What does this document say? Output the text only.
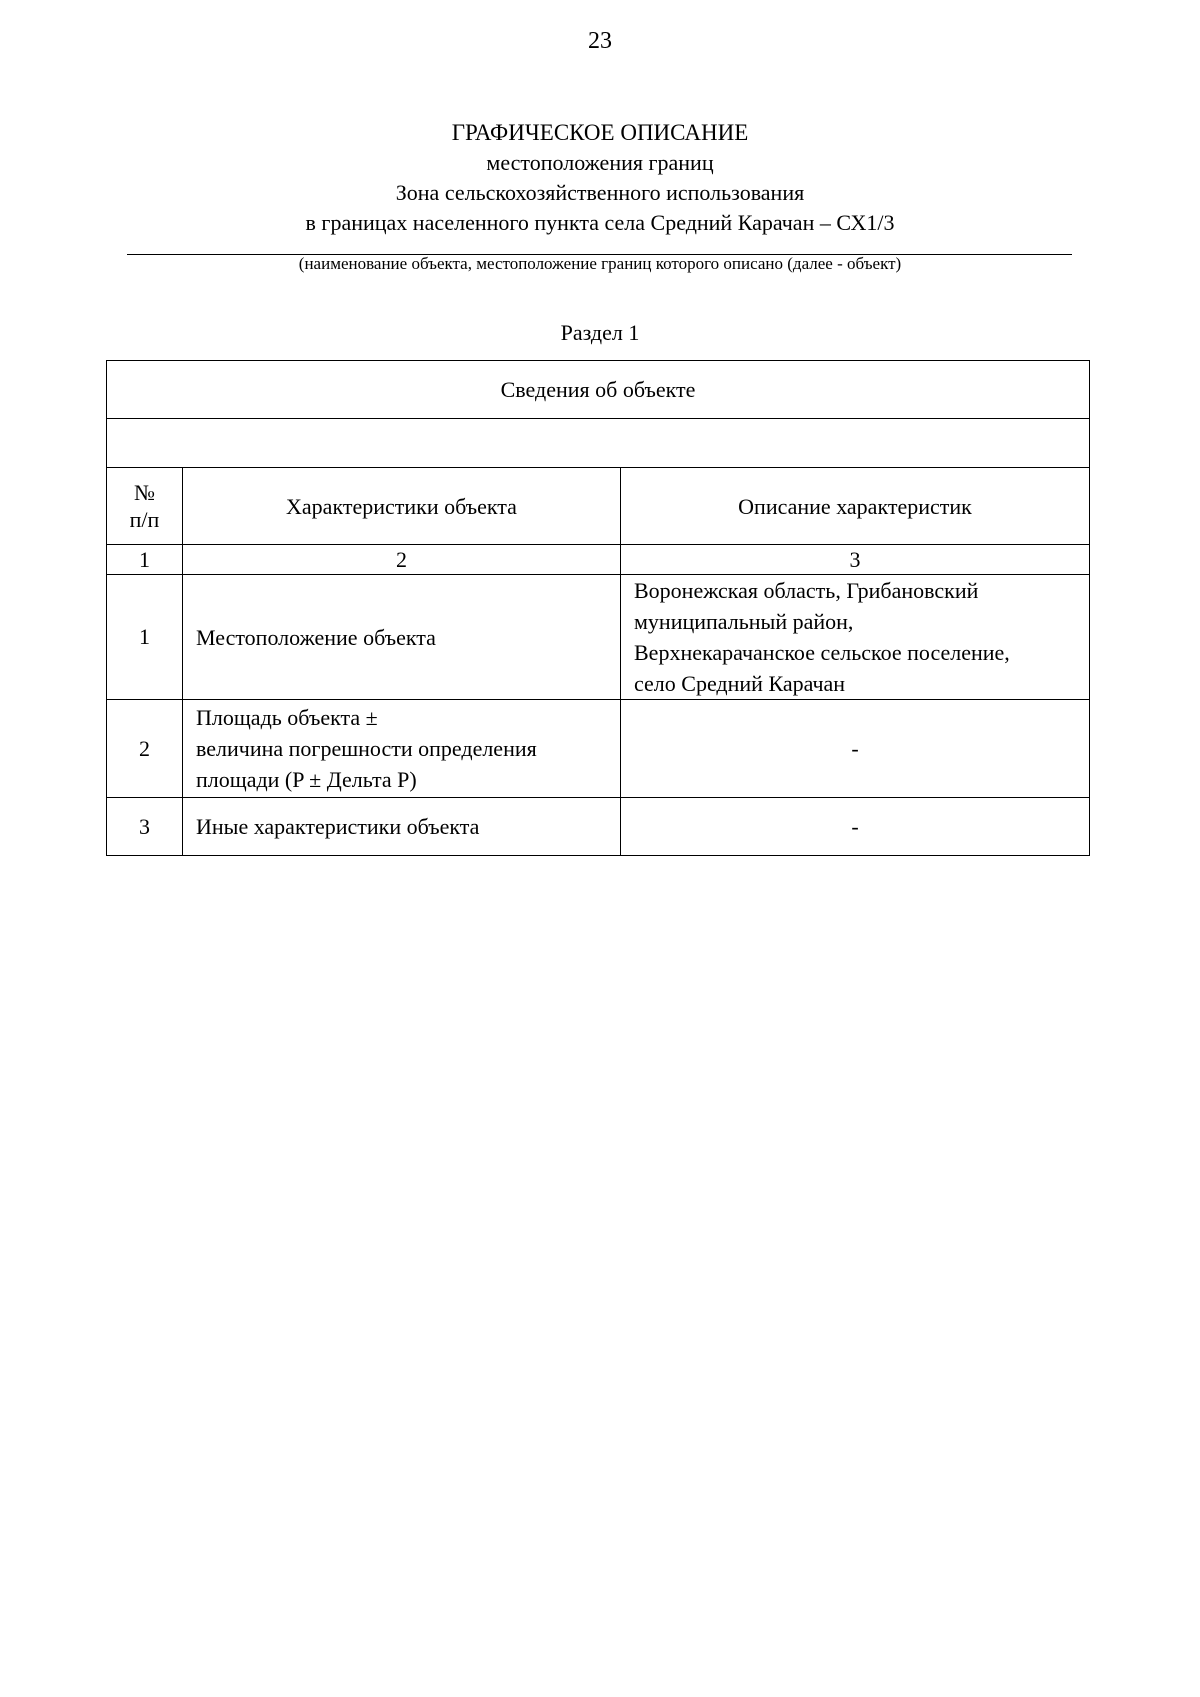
23
ГРАФИЧЕСКОЕ ОПИСАНИЕ
местоположения границ
Зона сельскохозяйственного использования
в границах населенного пункта села Средний Карачан – СХ1/3
(наименование объекта, местоположение границ которого описано (далее - объект)
Раздел 1
Сведения об объекте		

№
п/п	Характеристики объекта	Описание характеристик
1	2	3
1	Местоположение объекта	Воронежская область, Грибановский
муниципальный район,
Верхнекарачанское сельское поселение,
село Средний Карачан

2	Площадь объекта ±
величина погрешности определения
площади (P ± Дельта P)	-
3	Иные характеристики объекта	-
